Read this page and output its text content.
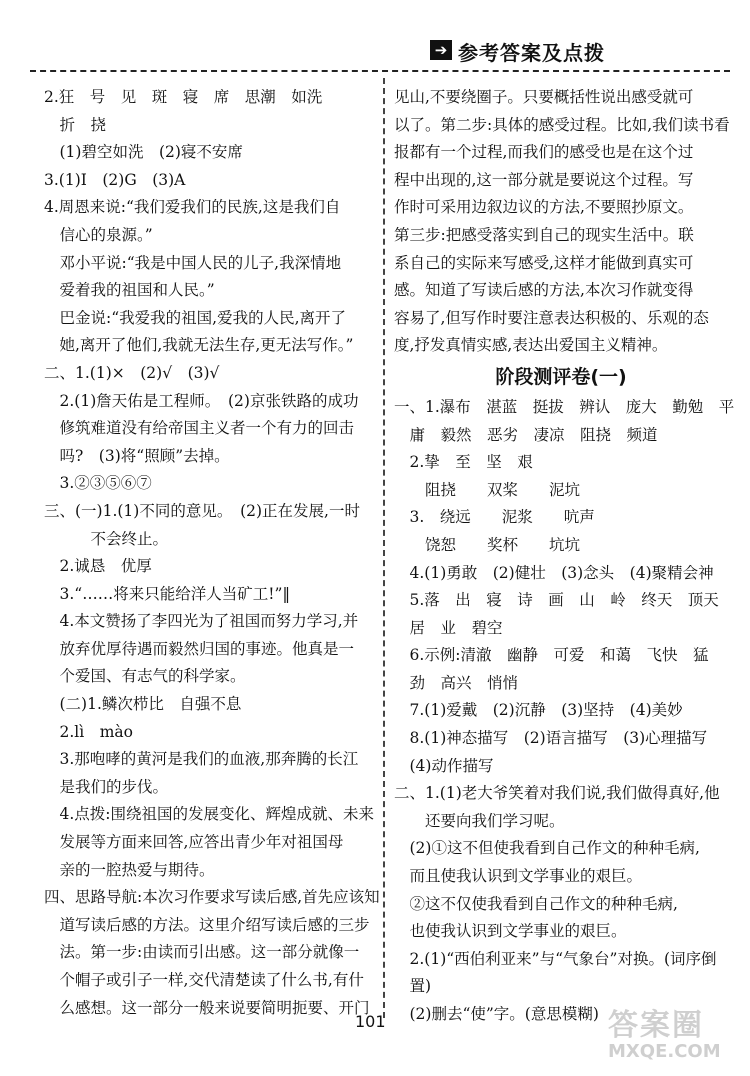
➔ 参考答案及点拨
2.狂　号　见　斑　寝　席　思潮　如洗
　折　挠
　(1)碧空如洗　(2)寝不安席
3.(1)I　(2)G　(3)A
4.周恩来说:“我们爱我们的民族,这是我们自
　信心的泉源。”
　邓小平说:“我是中国人民的儿子,我深情地
　爱着我的祖国和人民。”
　巴金说:“我爱我的祖国,爱我的人民,离开了
　她,离开了他们,我就无法生存,更无法写作。”
二、1.(1)×　(2)√　(3)√
　2.(1)詹天佑是工程师。　(2)京张铁路的成功
　修筑难道没有给帝国主义者一个有力的回击
　吗?　(3)将“照顾”去掉。
　3.②③⑤⑥⑦
三、(一)1.(1)不同的意见。　(2)正在发展,一时
　　　不会终止。
　2.诚恳　优厚
　3.“……将来只能给洋人当矿工!”‖
　4.本文赞扬了李四光为了祖国而努力学习,并
　放弃优厚待遇而毅然归国的事迹。他真是一
　个爱国、有志气的科学家。
　(二)1.鳞次栉比　自强不息
　2.lì　mào
　3.那咆哮的黄河是我们的血液,那奔腾的长江
　是我们的步伐。
　4.点拨:围绕祖国的发展变化、辉煌成就、未来
　发展等方面来回答,应答出青少年对祖国母
　亲的一腔热爱与期待。
四、思路导航:本次习作要求写读后感,首先应该知
　道写读后感的方法。这里介绍写读后感的三步
　法。第一步:由读而引出感。这一部分就像一
　个帽子或引子一样,交代清楚读了什么书,有什
　么感想。这一部分一般来说要简明扼要、开门
见山,不要绕圈子。只要概括性说出感受就可
以了。第二步:具体的感受过程。比如,我们读书看
报都有一个过程,而我们的感受也是在这个过
程中出现的,这一部分就是要说这个过程。写
作时可采用边叙边议的方法,不要照抄原文。
第三步:把感受落实到自己的现实生活中。联
系自己的实际来写感受,这样才能做到真实可
感。知道了写读后感的方法,本次习作就变得
容易了,但写作时要注意表达积极的、乐观的态
度,抒发真情实感,表达出爱国主义精神。
阶段测评卷(一)
一、1.瀑布　湛蓝　挺拔　辨认　庞大　勤勉　平
　庸　毅然　恶劣　凄凉　阻挠　频道
　2.挚　至　坚　艰
　　阻挠　　双桨　　泥坑
　3.　绕远　　泥浆　　吭声
　　饶恕　　奖杯　　坑坑
　4.(1)勇敢　(2)健壮　(3)念头　(4)聚精会神
　5.落　出　寝　诗　画　山　岭　终天　顶天
　居　业　碧空
　6.示例:清澈　幽静　可爱　和蔼　飞快　猛
　劲　高兴　悄悄
　7.(1)爱戴　(2)沉静　(3)坚持　(4)美妙
　8.(1)神态描写　(2)语言描写　(3)心理描写
　(4)动作描写
二、1.(1)老大爷笑着对我们说,我们做得真好,他
　　还要向我们学习呢。
　(2)①这不但使我看到自己作文的种种毛病,
　而且使我认识到文学事业的艰巨。
　②这不仅使我看到自己作文的种种毛病,
　也使我认识到文学事业的艰巨。
　2.(1)“西伯利亚来”与“气象台”对换。(词序倒
　置)
　(2)删去“使”字。(意思模糊)
101	答案圈
MXQE.COM
